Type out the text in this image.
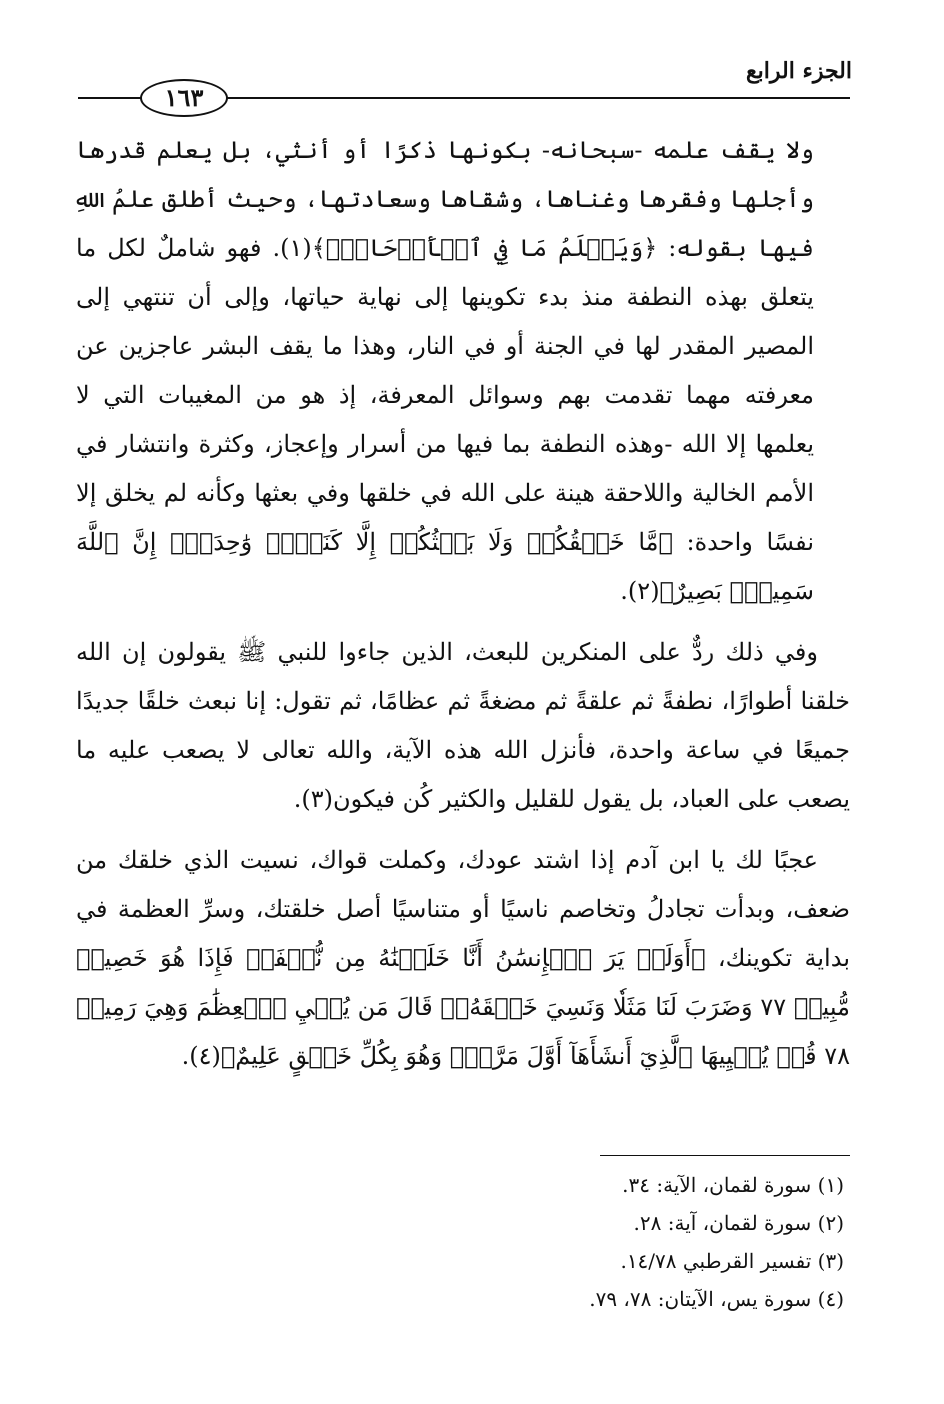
الجزء الرابع
١٦٣

ولا يقف علمه -سبحانه- بكونها ذكرًا أو أنثي، بل يعلم قدرها وأجلها وفقرها وغناها، وشقاها وسعادتها، وحيث أطلق علمُ اللهِ فيها بقوله: ﴿وَيَعۡلَمُ مَا فِي ٱلۡأَرۡحَامِۖ﴾(١). فهو شاملٌ لكل ما يتعلق بهذه النطفة منذ بدء تكوينها إلى نهاية حياتها، وإلى أن تنتهي إلى المصير المقدر لها في الجنة أو في النار، وهذا ما يقف البشر عاجزين عن معرفته مهما تقدمت بهم وسوائل المعرفة، إذ هو من المغيبات التي لا يعلمها إلا الله -وهذه النطفة بما فيها من أسرار وإعجاز، وكثرة وانتشار في الأمم الخالية واللاحقة هينة على الله في خلقها وفي بعثها وكأنه لم يخلق إلا نفسًا واحدة: ﴿مَّا خَلۡقُكُمۡ وَلَا بَعۡثُكُمۡ إِلَّا كَنَفۡسٖ وَٰحِدَةٍۚ إِنَّ ٱللَّهَ سَمِيعُۢ بَصِيرٌ﴾(٢).

وفي ذلك ردٌّ على المنكرين للبعث، الذين جاءوا للنبي ﷺ يقولون إن الله خلقنا أطوارًا، نطفةً ثم علقةً ثم مضغةً ثم عظامًا، ثم تقول: إنا نبعث خلقًا جديدًا جميعًا في ساعة واحدة، فأنزل الله هذه الآية، والله تعالى لا يصعب عليه ما يصعب على العباد، بل يقول للقليل والكثير كُن فيكون(٣).

عجبًا لك يا ابن آدم إذا اشتد عودك، وكملت قواك، نسيت الذي خلقك من ضعف، وبدأت تجادلُ وتخاصم ناسيًا أو متناسيًا أصل خلقتك، وسرِّ العظمة في بداية تكوينك، ﴿أَوَلَمۡ يَرَ ٱلۡإِنسَٰنُ أَنَّا خَلَقۡنَٰهُ مِن نُّطۡفَةٖ فَإِذَا هُوَ خَصِيمٞ مُّبِينٞ ٧٧ وَضَرَبَ لَنَا مَثَلٗا وَنَسِيَ خَلۡقَهُۥۖ قَالَ مَن يُحۡيِ ٱلۡعِظَٰمَ وَهِيَ رَمِيمٞ ٧٨ قُلۡ يُحۡيِيهَا ٱلَّذِيٓ أَنشَأَهَآ أَوَّلَ مَرَّةٖۖ وَهُوَ بِكُلِّ خَلۡقٍ عَلِيمٌ﴾(٤).

(١) سورة لقمان، الآية: ٣٤.
(٢) سورة لقمان، آية: ٢٨.
(٣) تفسير القرطبي ١٤/٧٨.
(٤) سورة يس، الآيتان: ٧٨، ٧٩.
